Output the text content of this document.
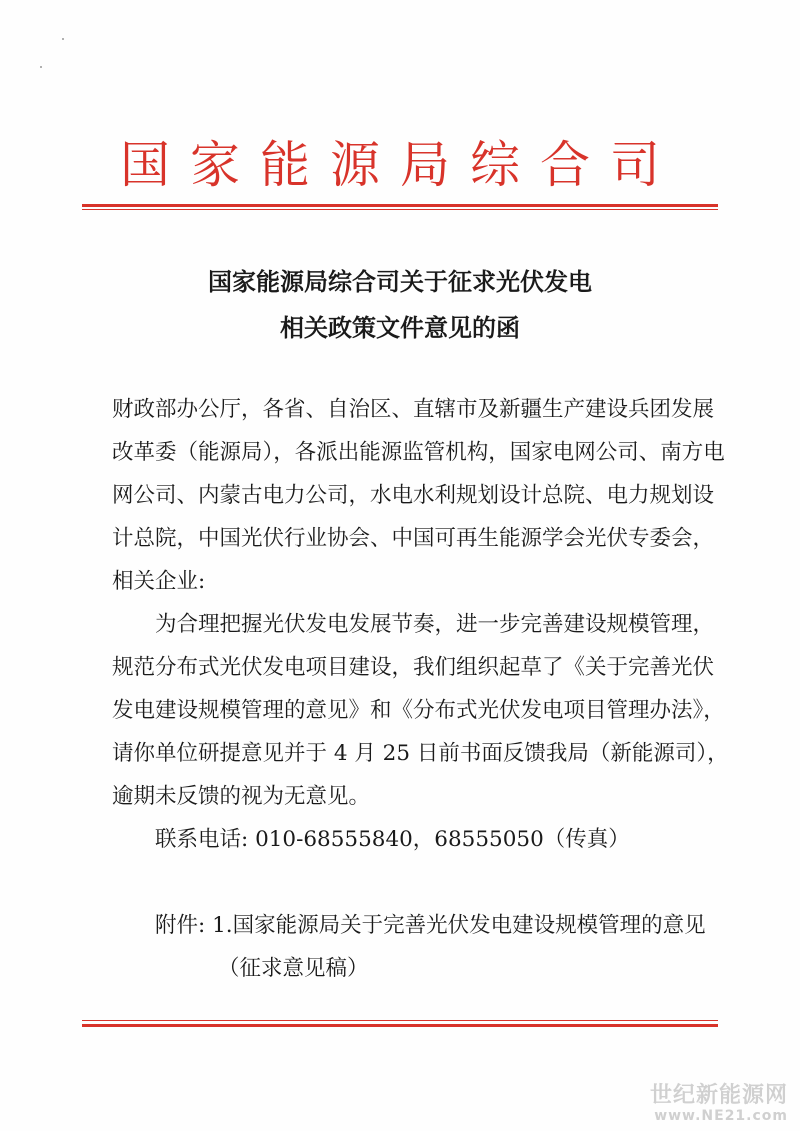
国家能源局综合司
国家能源局综合司关于征求光伏发电
相关政策文件意见的函
财政部办公厅，各省、自治区、直辖市及新疆生产建设兵团发展
改革委（能源局），各派出能源监管机构，国家电网公司、南方电
网公司、内蒙古电力公司，水电水利规划设计总院、电力规划设
计总院，中国光伏行业协会、中国可再生能源学会光伏专委会，
相关企业:
为合理把握光伏发电发展节奏，进一步完善建设规模管理，
规范分布式光伏发电项目建设，我们组织起草了《关于完善光伏
发电建设规模管理的意见》和《分布式光伏发电项目管理办法》，
请你单位研提意见并于 4 月 25 日前书面反馈我局（新能源司），
逾期未反馈的视为无意见。
联系电话: 010-68555840，68555050（传真）
附件: 1.国家能源局关于完善光伏发电建设规模管理的意见
（征求意见稿）
世纪新能源网
www.NE21.com
